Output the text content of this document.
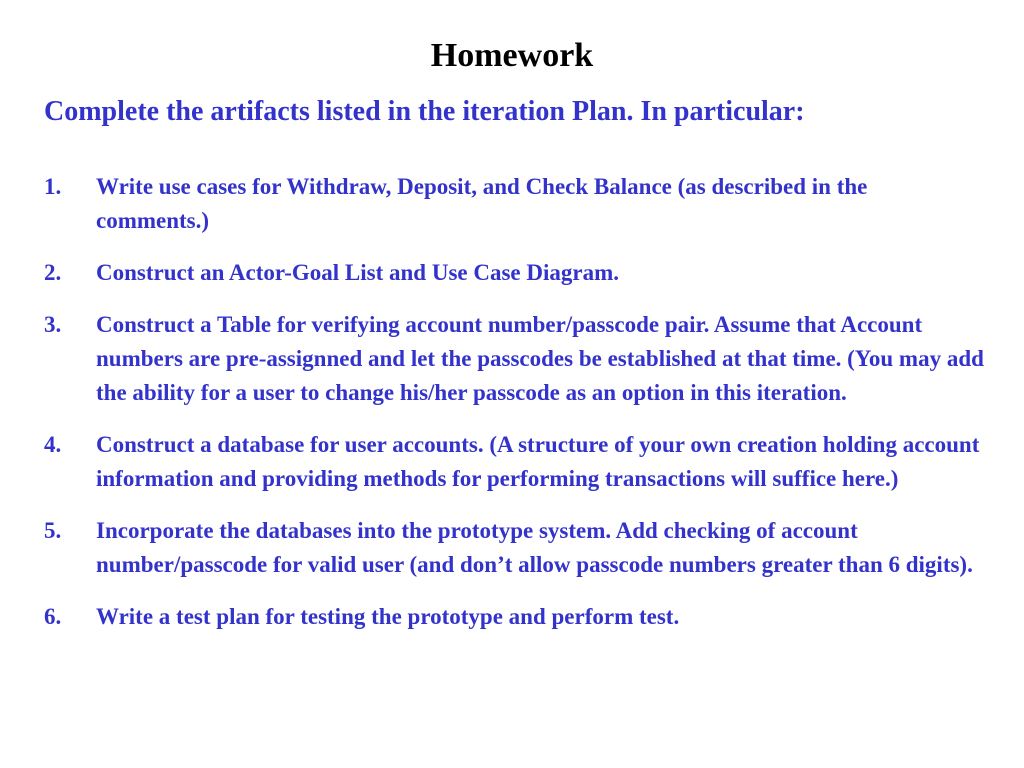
Homework
Complete the artifacts listed in the iteration Plan. In particular:
1. Write use cases for Withdraw, Deposit, and Check Balance (as described in the comments.)
2. Construct an Actor-Goal List and Use Case Diagram.
3. Construct a Table for verifying account number/passcode pair. Assume that Account numbers are pre-assignned and let the passcodes be established at that time. (You may add the ability for a user to change his/her passcode as an option in this iteration.
4. Construct a database for user accounts. (A structure of your own creation holding account information and providing methods for performing transactions will suffice here.)
5. Incorporate the databases into the prototype system. Add checking of account number/passcode for valid user (and don’t allow passcode numbers greater than 6 digits).
6. Write a test plan for testing the prototype and perform test.
